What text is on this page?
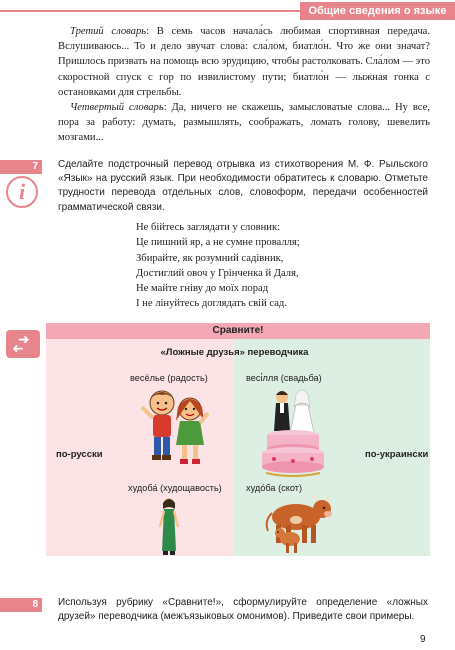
Общие сведения о языке

Третий словарь: В семь часов начала́сь любимая спортивная передача. Вслушиваюсь... То и дело звучат слова: сла́лом, биатло́н. Что же они значат? Пришлось призвать на помощь всю эрудицию, чтобы растолковать. Сла́лом — это скоростной спуск с гор по извилистому пути; биатло́н — лыжная гонка с остановками для стрельбы.

Четвертый словарь: Да, ничего не скажешь, замысловатые слова... Ну все, пора за работу: думать, размышлять, соображать, ломать голову, шевелить мозгами...

7	Сделайте подстрочный перевод отрывка из стихотворения М. Ф. Рыльского «Язык» на русский язык. При необходимости обратитесь к словарю. Отметьте трудности перевода отдельных слов, словоформ, передачи особенностей грамматической связи.
i
Не бійтесь заглядати у словник:
Це пишний яр, а не сумне провалля;
Збирайте, як розумний садівник,
Достиглий овоч у Грінченка й Даля,
Не майте гніву до моїх порад
І не лінуйтесь доглядать свій сад.
➜
➜
Сравните!
по-русски
«Ложные друзья» переводчика
весёлье (радость)	весі́лля (свадьба)
худоба́ (худощавость)	худо́ба (скот)
по-украински
8	Используя рубрику «Сравните!», сформулируйте определение «ложных друзей» переводчика (межъязыковых омонимов). Приведите свои примеры.
9
